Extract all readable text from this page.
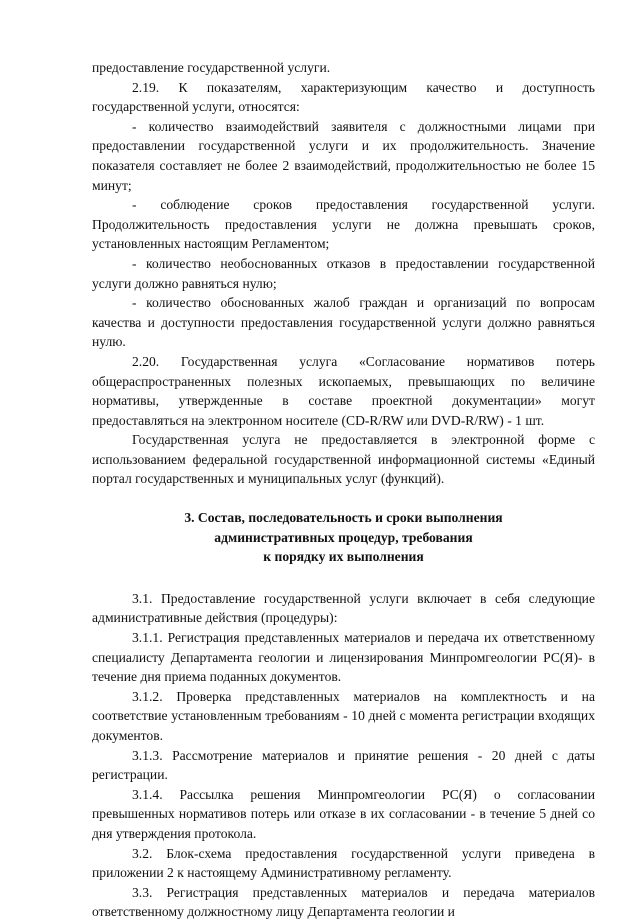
предоставление государственной услуги.

2.19. К показателям, характеризующим качество и доступность государственной услуги, относятся:

- количество взаимодействий заявителя с должностными лицами при предоставлении государственной услуги и их продолжительность. Значение показателя составляет не более 2 взаимодействий, продолжительностью не более 15 минут;

- соблюдение сроков предоставления государственной услуги. Продолжительность предоставления услуги не должна превышать сроков, установленных настоящим Регламентом;

- количество необоснованных отказов в предоставлении государственной услуги должно равняться нулю;

- количество обоснованных жалоб граждан и организаций по вопросам качества и доступности предоставления государственной услуги должно равняться нулю.

2.20. Государственная услуга «Согласование нормативов потерь общераспространенных полезных ископаемых, превышающих по величине нормативы, утвержденные в составе проектной документации» могут предоставляться на электронном носителе (CD-R/RW или DVD-R/RW) - 1 шт.

Государственная услуга не предоставляется в электронной форме с использованием федеральной государственной информационной системы «Единый портал государственных и муниципальных услуг (функций).

3. Состав, последовательность и сроки выполнения

административных процедур, требования

к порядку их выполнения

3.1. Предоставление государственной услуги включает в себя следующие административные действия (процедуры):

3.1.1. Регистрация представленных материалов и передача их ответственному специалисту Департамента геологии и лицензирования Минпромгеологии РС(Я)- в течение дня приема поданных документов.

3.1.2. Проверка представленных материалов на комплектность и на соответствие установленным требованиям - 10 дней с момента регистрации входящих документов.

3.1.3. Рассмотрение материалов и принятие решения - 20 дней с даты регистрации.

3.1.4. Рассылка решения Минпромгеологии РС(Я) о согласовании превышенных нормативов потерь или отказе в их согласовании - в течение 5 дней со дня утверждения протокола.

3.2. Блок-схема предоставления государственной услуги приведена в приложении 2 к настоящему Административному регламенту.

3.3. Регистрация представленных материалов и передача материалов ответственному должностному лицу Департамента геологии и
